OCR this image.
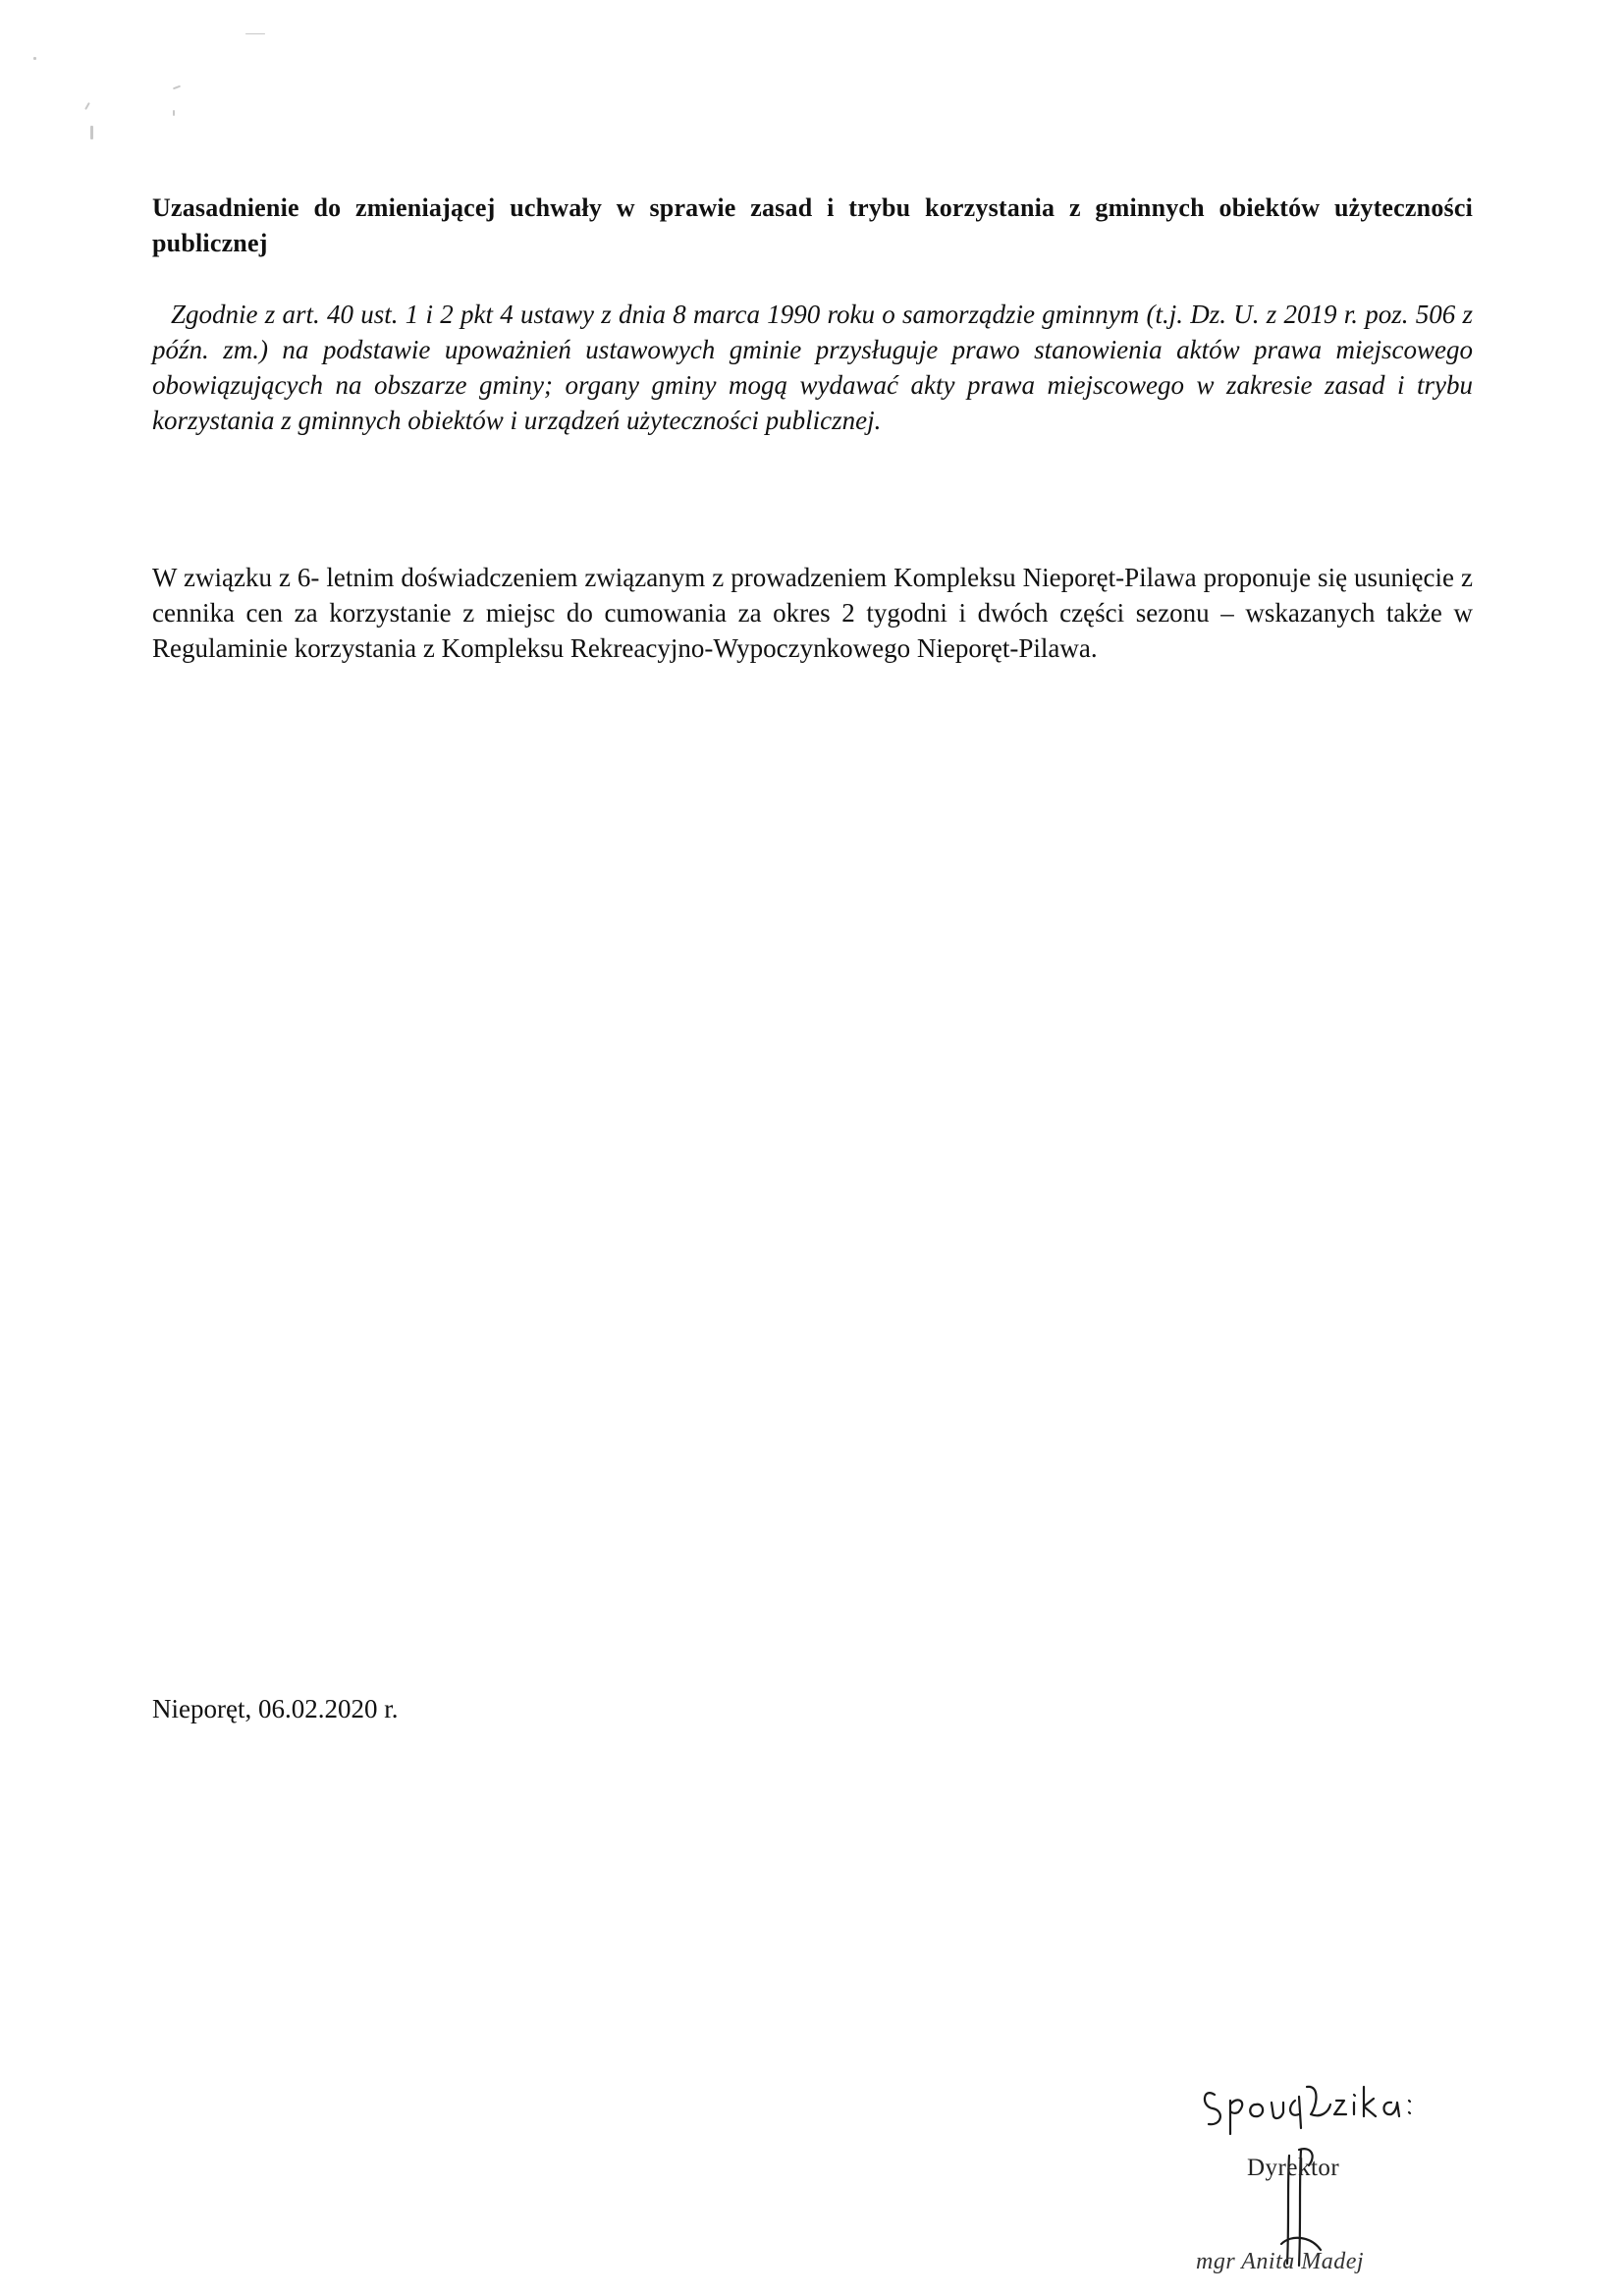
Uzasadnienie do zmieniającej uchwały w sprawie zasad i trybu korzystania z gminnych obiektów użyteczności publicznej
Zgodnie z art. 40 ust. 1 i 2 pkt 4 ustawy z dnia 8 marca 1990 roku o samorządzie gminnym (t.j. Dz. U. z 2019 r. poz. 506 z późn. zm.) na podstawie upoważnień ustawowych gminie przysługuje prawo stanowienia aktów prawa miejscowego obowiązujących na obszarze gminy; organy gminy mogą wydawać akty prawa miejscowego w zakresie zasad i trybu korzystania z gminnych obiektów i urządzeń użyteczności publicznej.
W związku z 6- letnim doświadczeniem związanym z prowadzeniem Kompleksu Nieporęt-Pilawa proponuje się usunięcie z cennika cen za korzystanie z miejsc do cumowania za okres 2 tygodni i dwóch części sezonu – wskazanych także w Regulaminie korzystania z Kompleksu Rekreacyjno-Wypoczynkowego Nieporęt-Pilawa.
Nieporęt, 06.02.2020 r.
Dyrektor
mgr Anita Madej
